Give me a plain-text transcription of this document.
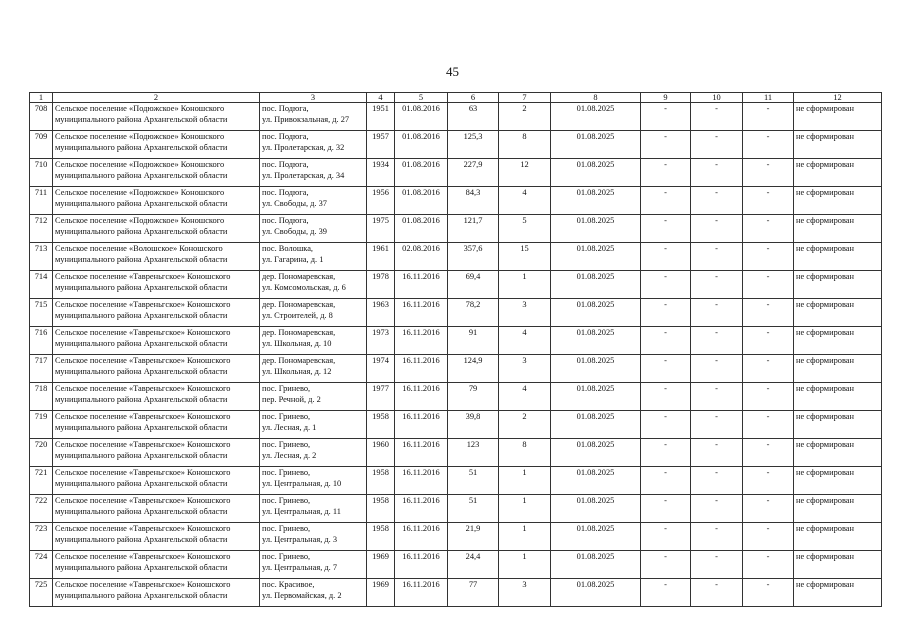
45
1	2	3	4	5	6	7	8	9	10	11	12
708	Сельское поселение «Подюжское» Коношского
муниципального района Архангельской области	пос. Подюга,
ул. Привокзальная, д. 27	1951	01.08.2016	63	2	01.08.2025	-	-	-	не сформирован
709	Сельское поселение «Подюжское» Коношского
муниципального района Архангельской области	пос. Подюга,
ул. Пролетарская, д. 32	1957	01.08.2016	125,3	8	01.08.2025	-	-	-	не сформирован
710	Сельское поселение «Подюжское» Коношского
муниципального района Архангельской области	пос. Подюга,
ул. Пролетарская, д. 34	1934	01.08.2016	227,9	12	01.08.2025	-	-	-	не сформирован
711	Сельское поселение «Подюжское» Коношского
муниципального района Архангельской области	пос. Подюга,
ул. Свободы, д. 37	1956	01.08.2016	84,3	4	01.08.2025	-	-	-	не сформирован
712	Сельское поселение «Подюжское» Коношского
муниципального района Архангельской области	пос. Подюга,
ул. Свободы, д. 39	1975	01.08.2016	121,7	5	01.08.2025	-	-	-	не сформирован
713	Сельское поселение «Волошское» Коношского
муниципального района Архангельской области	пос. Волошка,
ул. Гагарина, д. 1	1961	02.08.2016	357,6	15	01.08.2025	-	-	-	не сформирован
714	Сельское поселение «Тавреньгское» Коношского
муниципального района Архангельской области	дер. Пономаревская,
ул. Комсомольская, д. 6	1978	16.11.2016	69,4	1	01.08.2025	-	-	-	не сформирован
715	Сельское поселение «Тавреньгское» Коношского
муниципального района Архангельской области	дер. Пономаревская,
ул. Строителей, д. 8	1963	16.11.2016	78,2	3	01.08.2025	-	-	-	не сформирован
716	Сельское поселение «Тавреньгское» Коношского
муниципального района Архангельской области	дер. Пономаревская,
ул. Школьная, д. 10	1973	16.11.2016	91	4	01.08.2025	-	-	-	не сформирован
717	Сельское поселение «Тавреньгское» Коношского
муниципального района Архангельской области	дер. Пономаревская,
ул. Школьная, д. 12	1974	16.11.2016	124,9	3	01.08.2025	-	-	-	не сформирован
718	Сельское поселение «Тавреньгское» Коношского
муниципального района Архангельской области	пос. Гринево,
пер. Речной, д. 2	1977	16.11.2016	79	4	01.08.2025	-	-	-	не сформирован
719	Сельское поселение «Тавреньгское» Коношского
муниципального района Архангельской области	пос. Гринево,
ул. Лесная, д. 1	1958	16.11.2016	39,8	2	01.08.2025	-	-	-	не сформирован
720	Сельское поселение «Тавреньгское» Коношского
муниципального района Архангельской области	пос. Гринево,
ул. Лесная, д. 2	1960	16.11.2016	123	8	01.08.2025	-	-	-	не сформирован
721	Сельское поселение «Тавреньгское» Коношского
муниципального района Архангельской области	пос. Гринево,
ул. Центральная, д. 10	1958	16.11.2016	51	1	01.08.2025	-	-	-	не сформирован
722	Сельское поселение «Тавреньгское» Коношского
муниципального района Архангельской области	пос. Гринево,
ул. Центральная, д. 11	1958	16.11.2016	51	1	01.08.2025	-	-	-	не сформирован
723	Сельское поселение «Тавреньгское» Коношского
муниципального района Архангельской области	пос. Гринево,
ул. Центральная, д. 3	1958	16.11.2016	21,9	1	01.08.2025	-	-	-	не сформирован
724	Сельское поселение «Тавреньгское» Коношского
муниципального района Архангельской области	пос. Гринево,
ул. Центральная, д. 7	1969	16.11.2016	24,4	1	01.08.2025	-	-	-	не сформирован
725	Сельское поселение «Тавреньгское» Коношского
муниципального района Архангельской области	пос. Красивое,
ул. Первомайская, д. 2	1969	16.11.2016	77	3	01.08.2025	-	-	-	не сформирован
